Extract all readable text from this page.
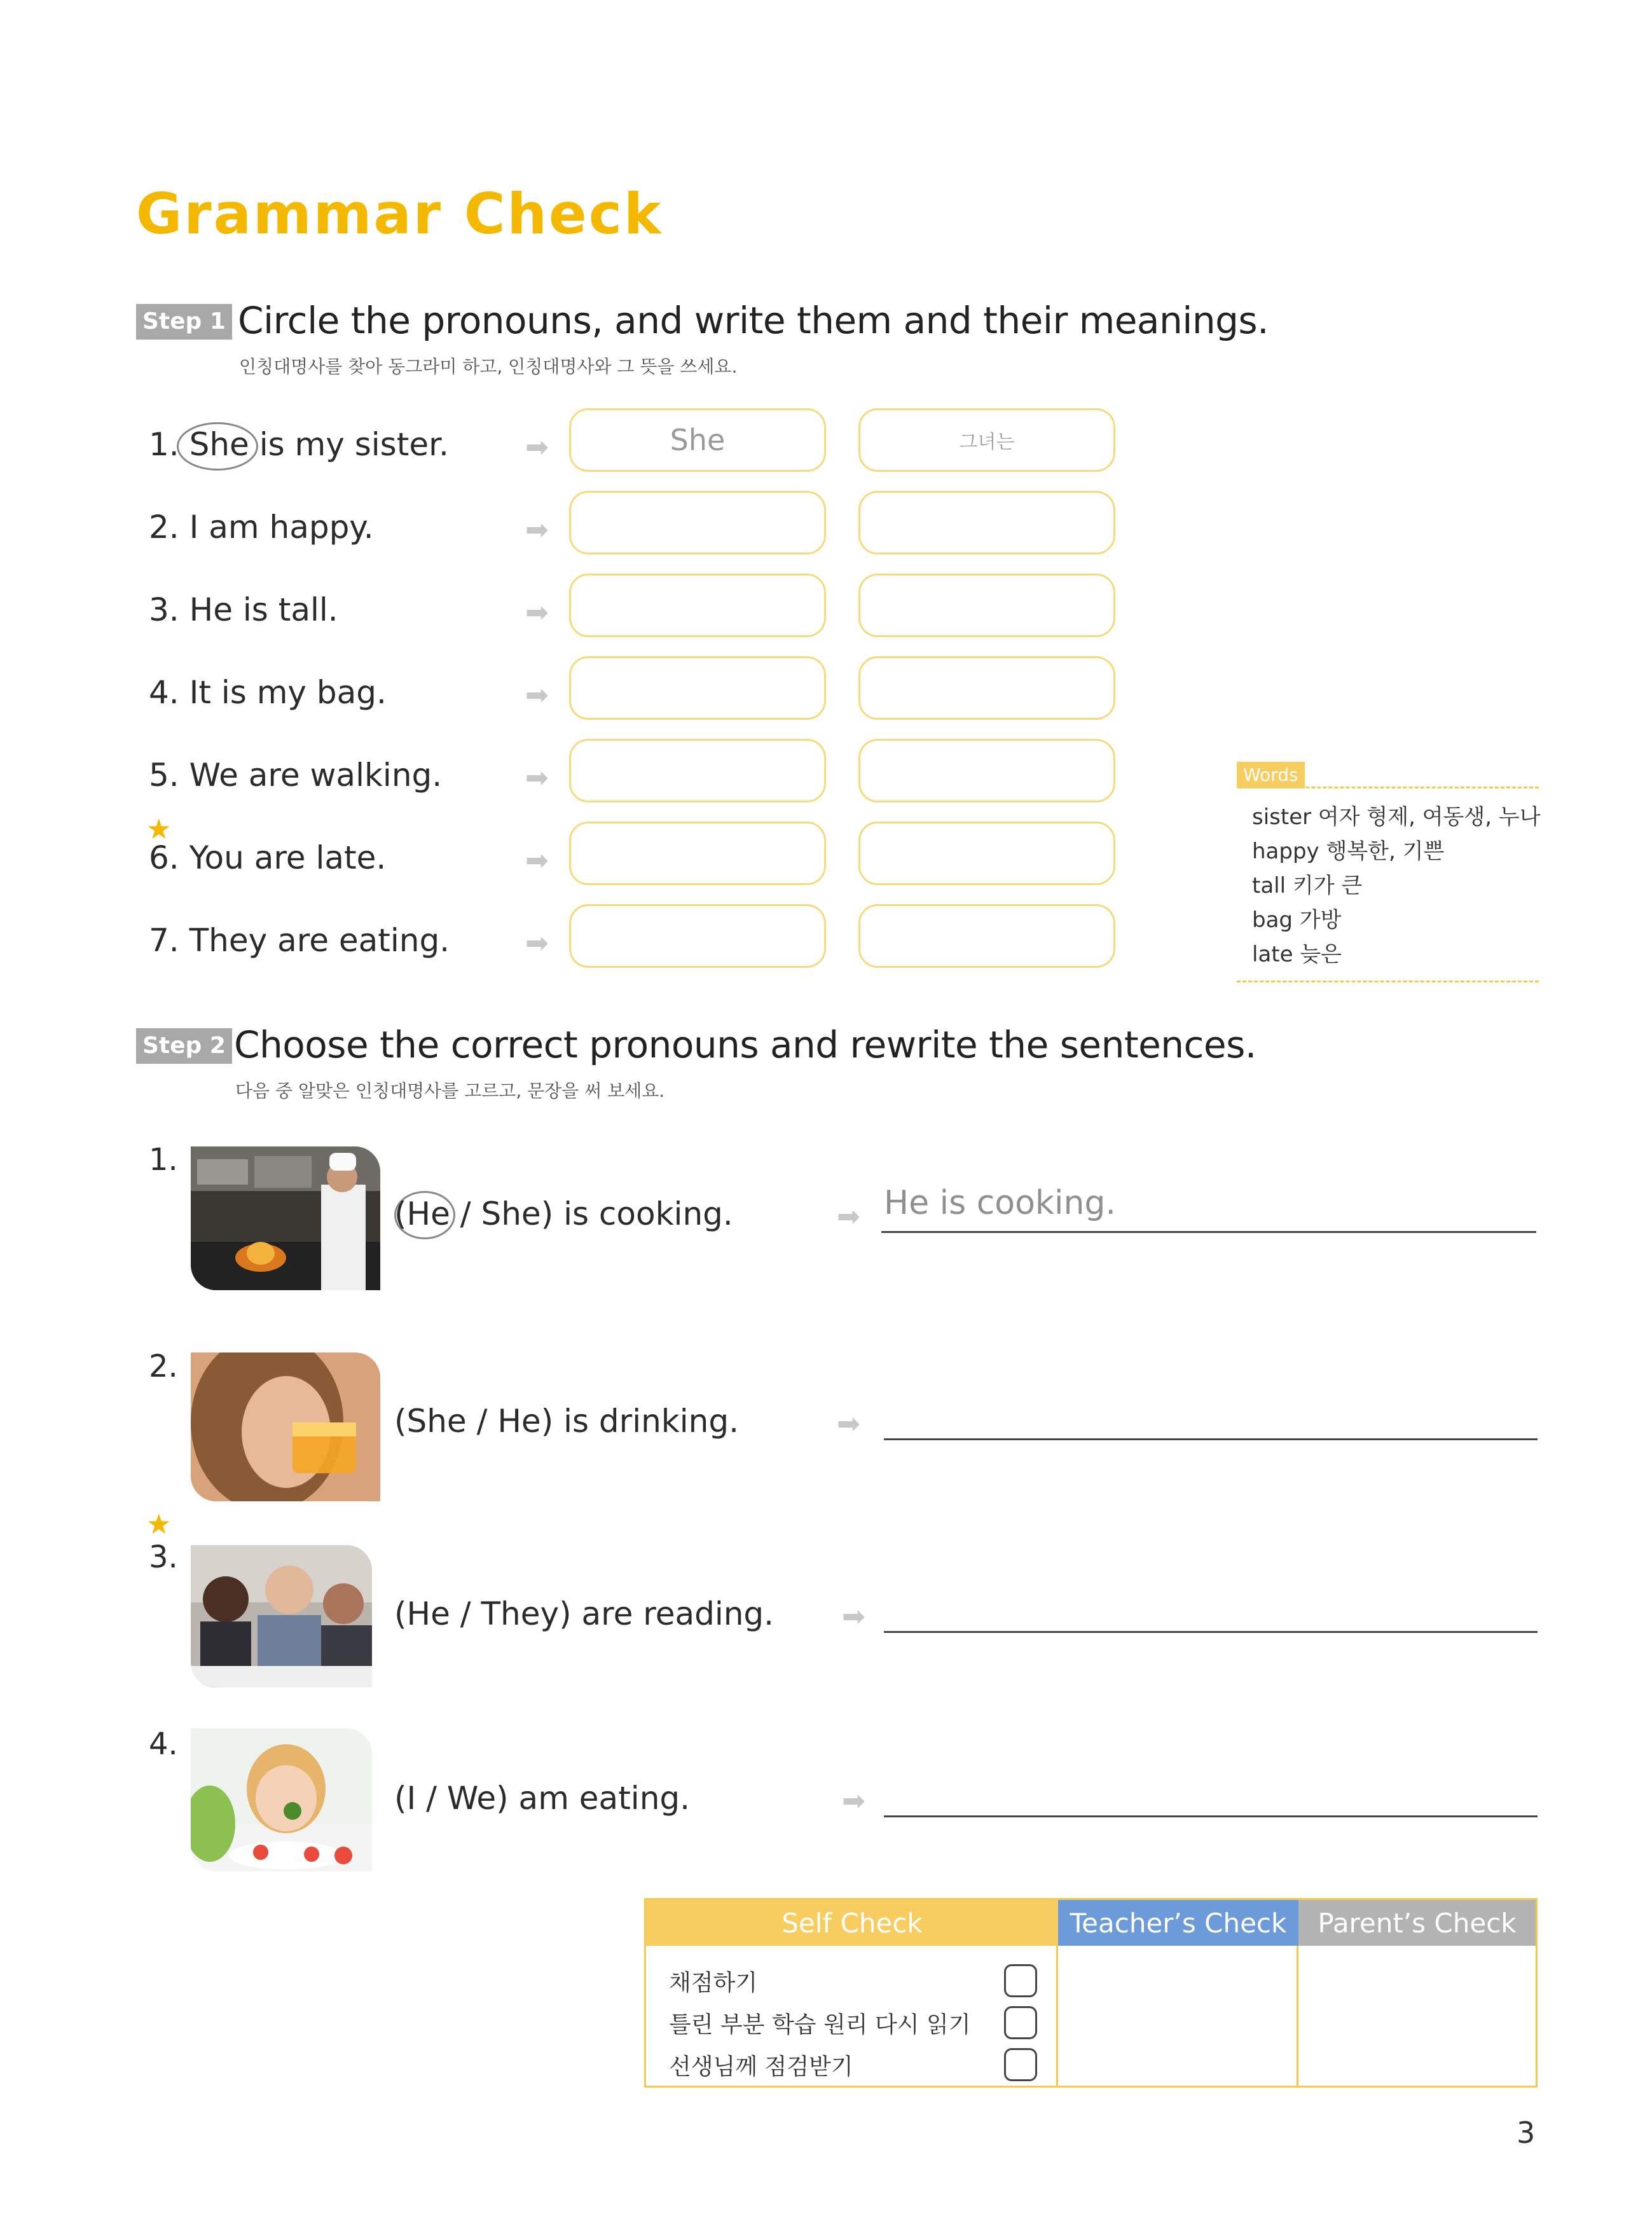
Grammar Check
Step 1 Circle the pronouns, and write them and their meanings.
인칭대명사를 찾아 동그라미 하고, 인칭대명사와 그 뜻을 쓰세요.
1. She is my sister.	➡	She	그녀는
2. I am happy.	➡
3. He is tall.	➡
4. It is my bag.	➡
5. We are walking.	➡
★
6. You are late.	➡
7. They are eating.	➡
Words
sister 여자 형제, 여동생, 누나
happy 행복한, 기쁜
tall 키가 큰
bag 가방
late 늦은
Step 2 Choose the correct pronouns and rewrite the sentences.
다음 중 알맞은 인칭대명사를 고르고, 문장을 써 보세요.
1.
(He / She) is cooking.	➡ He is cooking.
2.
(She / He) is drinking.	➡
★
3.
(He / They) are reading. ➡
4.
(I / We) am eating.	➡
Self Check	Teacher’s Check	Parent’s Check
채점하기
틀린 부분 학습 원리 다시 읽기
선생님께 점검받기
3
